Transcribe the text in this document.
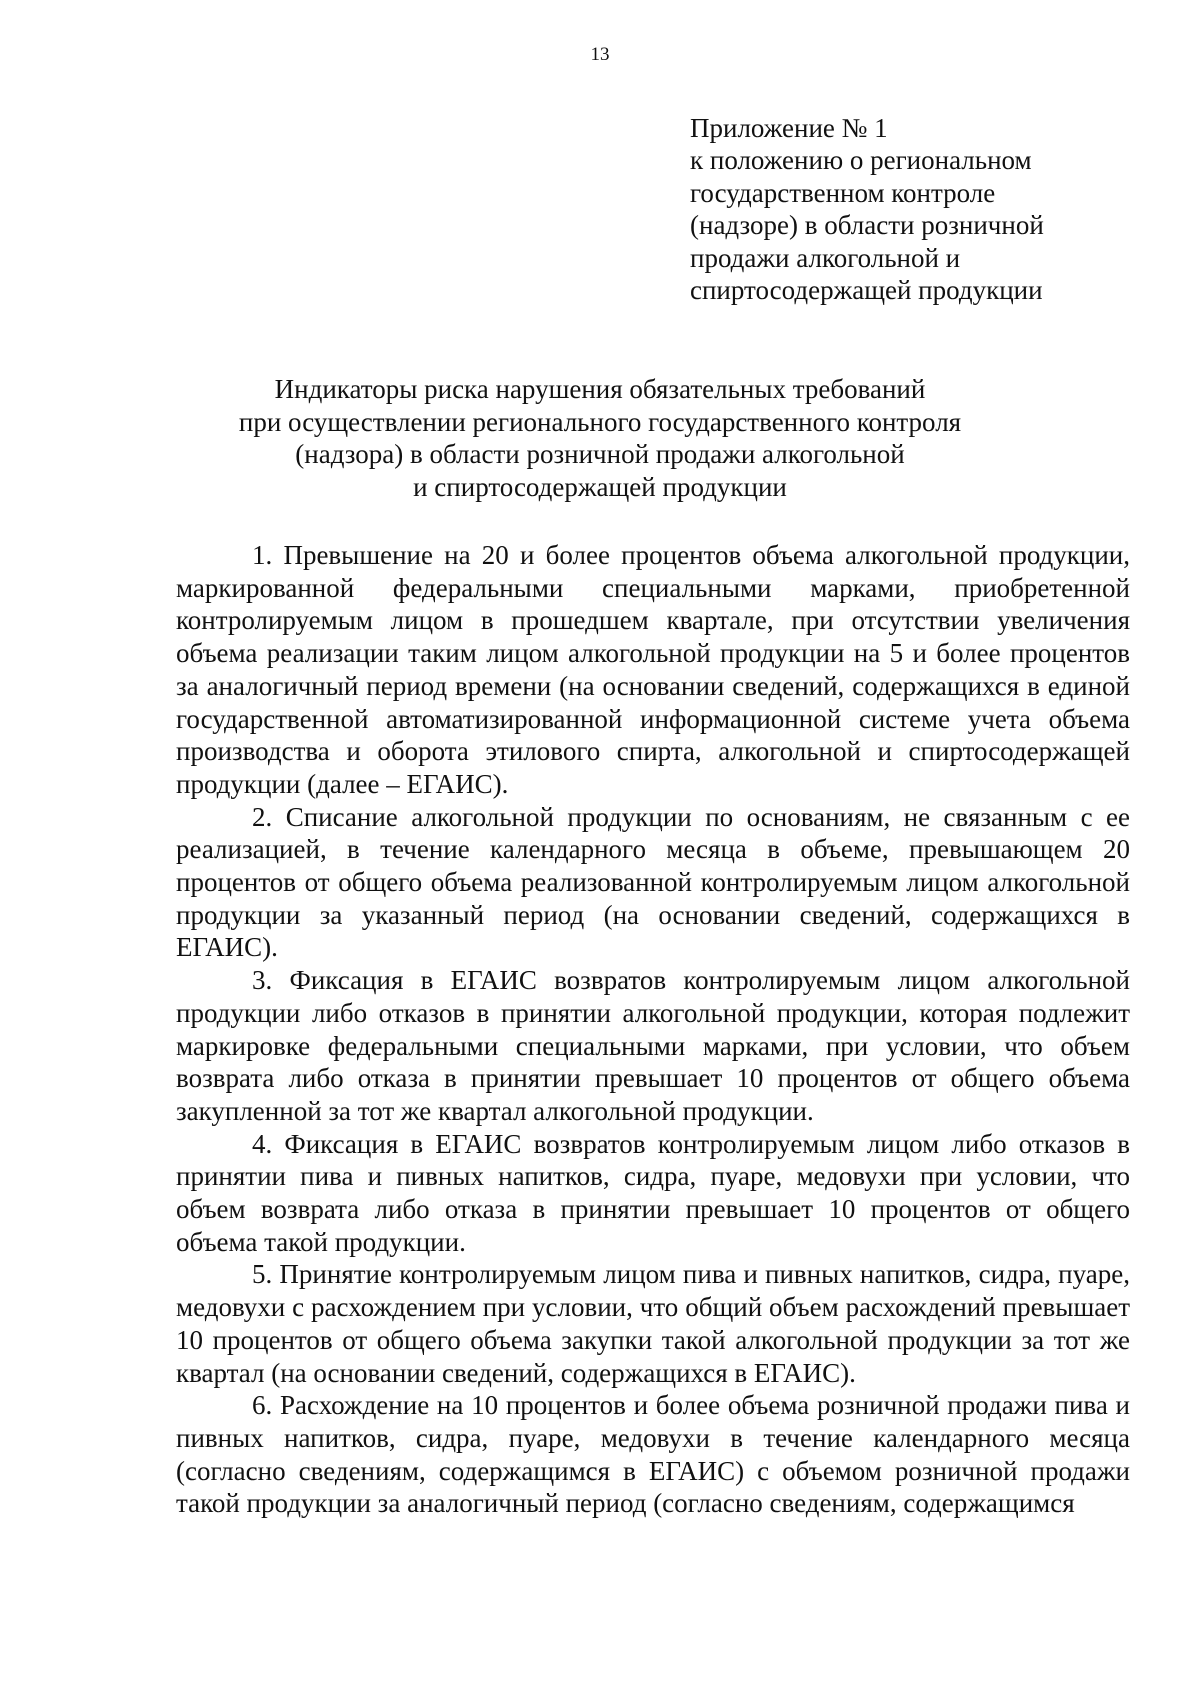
13
Приложение № 1
к положению о региональном
государственном контроле
(надзоре) в области розничной
продажи алкогольной и
спиртосодержащей продукции
Индикаторы риска нарушения обязательных требований
при осуществлении регионального государственного контроля
(надзора) в области розничной продажи алкогольной
и спиртосодержащей продукции

1. Превышение на 20 и более процентов объема алкогольной продукции, маркированной федеральными специальными марками, приобретенной контролируемым лицом в прошедшем квартале, при отсутствии увеличения объема реализации таким лицом алкогольной продукции на 5 и более процентов за аналогичный период времени (на основании сведений, содержащихся в единой государственной автоматизированной информационной системе учета объема производства и оборота этилового спирта, алкогольной и спиртосодержащей продукции (далее – ЕГАИС).

2. Списание алкогольной продукции по основаниям, не связанным с ее реализацией, в течение календарного месяца в объеме, превышающем 20 процентов от общего объема реализованной контролируемым лицом алкогольной продукции за указанный период (на основании сведений, содержащихся в ЕГАИС).

3. Фиксация в ЕГАИС возвратов контролируемым лицом алкогольной продукции либо отказов в принятии алкогольной продукции, которая подлежит маркировке федеральными специальными марками, при условии, что объем возврата либо отказа в принятии превышает 10 процентов от общего объема закупленной за тот же квартал алкогольной продукции.

4. Фиксация в ЕГАИС возвратов контролируемым лицом либо отказов в принятии пива и пивных напитков, сидра, пуаре, медовухи при условии, что объем возврата либо отказа в принятии превышает 10 процентов от общего объема такой продукции.

5. Принятие контролируемым лицом пива и пивных напитков, сидра, пуаре, медовухи с расхождением при условии, что общий объем расхождений превышает 10 процентов от общего объема закупки такой алкогольной продукции за тот же квартал (на основании сведений, содержащихся в ЕГАИС).

6. Расхождение на 10 процентов и более объема розничной продажи пива и пивных напитков, сидра, пуаре, медовухи в течение календарного месяца (согласно сведениям, содержащимся в ЕГАИС) с объемом розничной продажи такой продукции за аналогичный период (согласно сведениям, содержащимся
